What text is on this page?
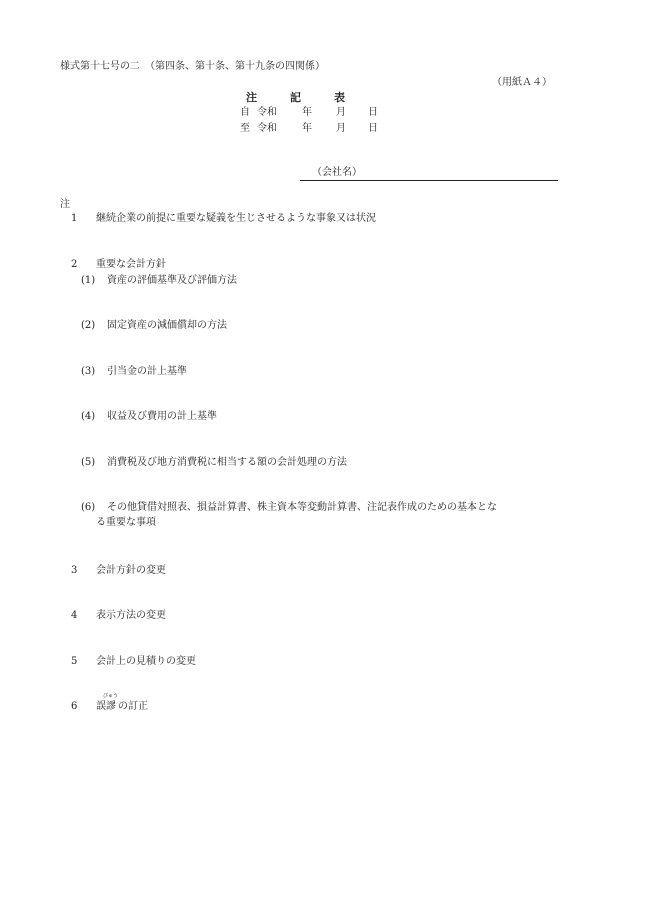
様式第十七号の二　（第四条、第十条、第十九条の四関係）
（用紙Ａ４）
注　　　記　　　表
自 令和	年 月 日
至 令和	年 月 日
（会社名）
注
1 継続企業の前提に重要な疑義を生じさせるような事象又は状況
2 重要な会計方針
(1) 資産の評価基準及び評価方法
(2) 固定資産の減価償却の方法
(3) 引当金の計上基準
(4) 収益及び費用の計上基準
(5) 消費税及び地方消費税に相当する額の会計処理の方法
(6) その他貸借対照表、損益計算書、株主資本等変動計算書、注記表作成のための基本とな
る重要な事項
3 会計方針の変更
4 表示方法の変更
5 会計上の見積りの変更
6
びゅう
誤謬 の訂正
